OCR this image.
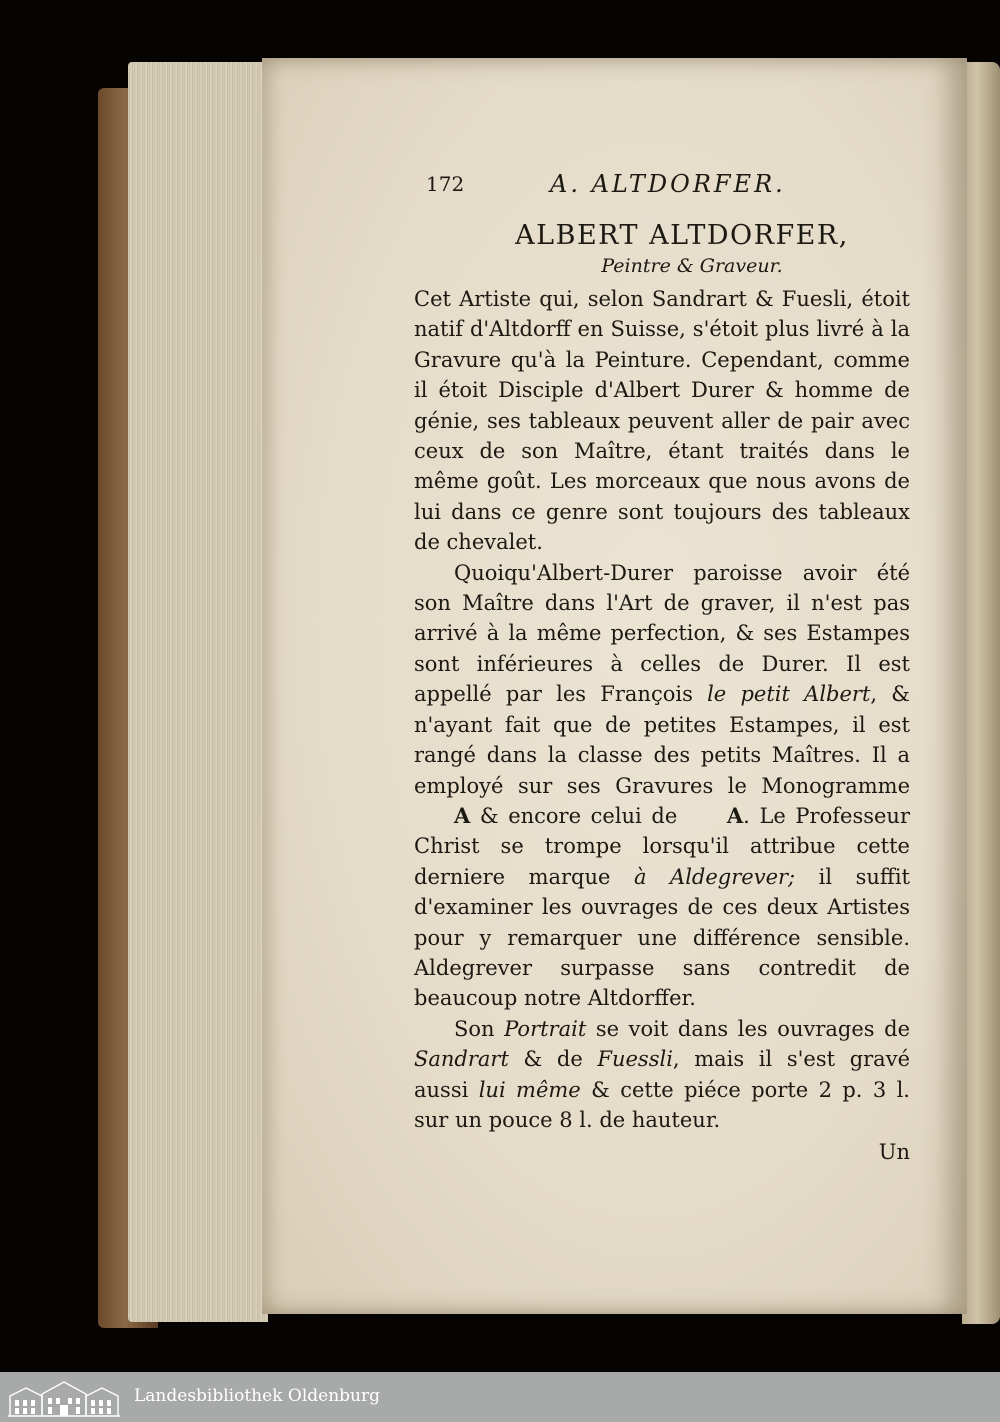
172	A. ALTDORFER.
ALBERT ALTDORFER,
Peintre & Graveur.

Cet Artiste qui, selon Sandrart & Fuesli, étoit natif d'Altdorff en Suisse, s'étoit plus livré à la Gravure qu'à la Peinture. Cependant, comme il étoit Disciple d'Albert Durer & homme de génie, ses tableaux peuvent aller de pair avec ceux de son Maître, étant traités dans le même goût. Les morceaux que nous avons de lui dans ce genre sont toujours des tableaux de chevalet.

Quoiqu'Albert-Durer paroisse avoir été son Maître dans l'Art de graver, il n'est pas arrivé à la même perfection, & ses Estampes sont inférieures à celles de Durer. Il est appellé par les François le petit Albert, & n'ayant fait que de petites Estampes, il est rangé dans la classe des petits Maîtres. Il a employé sur ses Gravures le Monogramme A & encore celui de A. Le Professeur Christ se trompe lorsqu'il attribue cette derniere marque à Aldegrever; il suffit d'examiner les ouvrages de ces deux Artistes pour y remarquer une différence sensible. Aldegrever surpasse sans contredit de beaucoup notre Altdorffer.

Son Portrait se voit dans les ouvrages de Sandrart & de Fuessli, mais il s'est gravé aussi lui même & cette piéce porte 2 p. 3 l. sur un pouce 8 l. de hauteur.

Un
Landesbibliothek Oldenburg
